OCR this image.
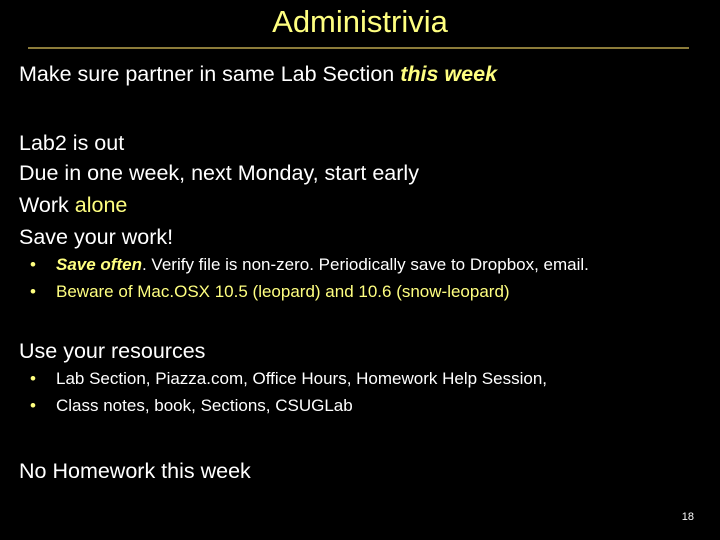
Administrivia
Make sure partner in same Lab Section this week
Lab2 is out
Due in one week, next Monday, start early
Work alone
Save your work!
• Save often. Verify file is non-zero. Periodically save to Dropbox, email.
• Beware of Mac.OSX 10.5 (leopard) and 10.6 (snow-leopard)
Use your resources
• Lab Section, Piazza.com, Office Hours, Homework Help Session,
• Class notes, book, Sections, CSUGLab
No Homework this week
18
